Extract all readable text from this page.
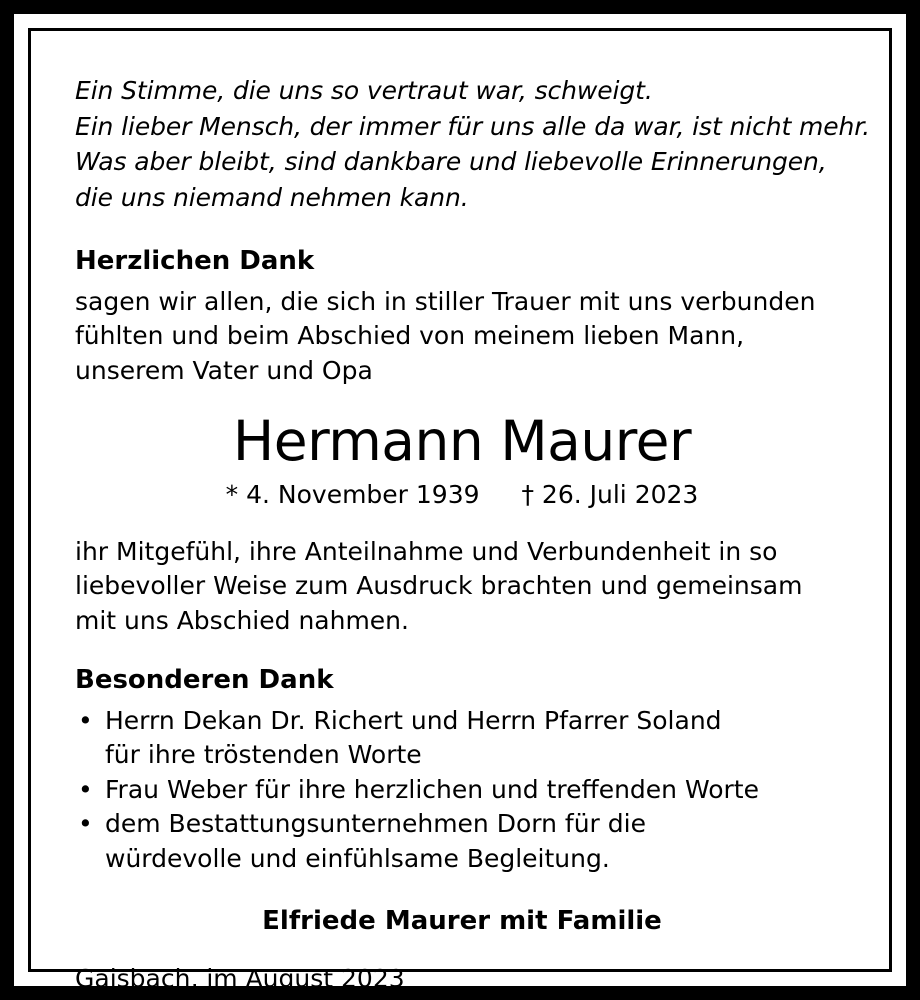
Ein Stimme, die uns so vertraut war, schweigt.
Ein lieber Mensch, der immer für uns alle da war, ist nicht mehr.
Was aber bleibt, sind dankbare und liebevolle Erinnerungen,
die uns niemand nehmen kann.
Herzlichen Dank
sagen wir allen, die sich in stiller Trauer mit uns verbunden
fühlten und beim Abschied von meinem lieben Mann,
unserem Vater und Opa
Hermann Maurer
* 4. November 1939 † 26. Juli 2023
ihr Mitgefühl, ihre Anteilnahme und Verbundenheit in so
liebevoller Weise zum Ausdruck brachten und gemeinsam
mit uns Abschied nahmen.
Besonderen Dank
• Herrn Dekan Dr. Richert und Herrn Pfarrer Soland
für ihre tröstenden Worte
• Frau Weber für ihre herzlichen und treffenden Worte
• dem Bestattungsunternehmen Dorn für die
würdevolle und einfühlsame Begleitung.
Elfriede Maurer mit Familie
Gaisbach, im August 2023
